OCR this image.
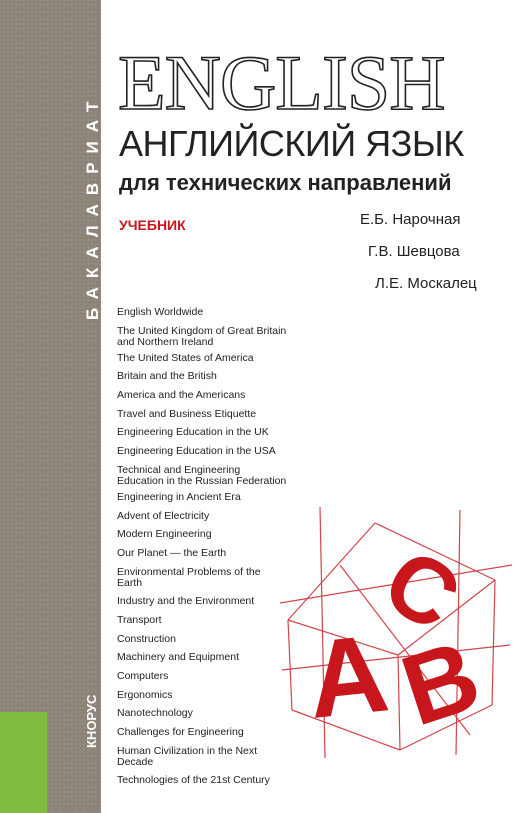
БАКАЛАВРИАТ
КНОРУС
ENGLISH
АНГЛИЙСКИЙ ЯЗЫК
для технических направлений
УЧЕБНИК	Е.Б. Нарочная
Г.В. Шевцова
Л.Е. Москалец
English Worldwide
The United Kingdom of Great Britain and Northern Ireland
The United States of America
Britain and the British
America and the Americans
Travel and Business Etiquette
Engineering Education in the UK
Engineering Education in the USA
Technical and Engineering Education in the Russian Federation
Engineering in Ancient Era
Advent of Electricity
Modern Engineering
Our Planet — the Earth
Environmental Problems of the Earth
Industry and the Environment
Transport
Construction
Machinery and Equipment
Computers
Ergonomics
Nanotechnology
Challenges for Engineering
Human Civilization in the Next Decade
Technologies of the 21st Century
C
A
B
